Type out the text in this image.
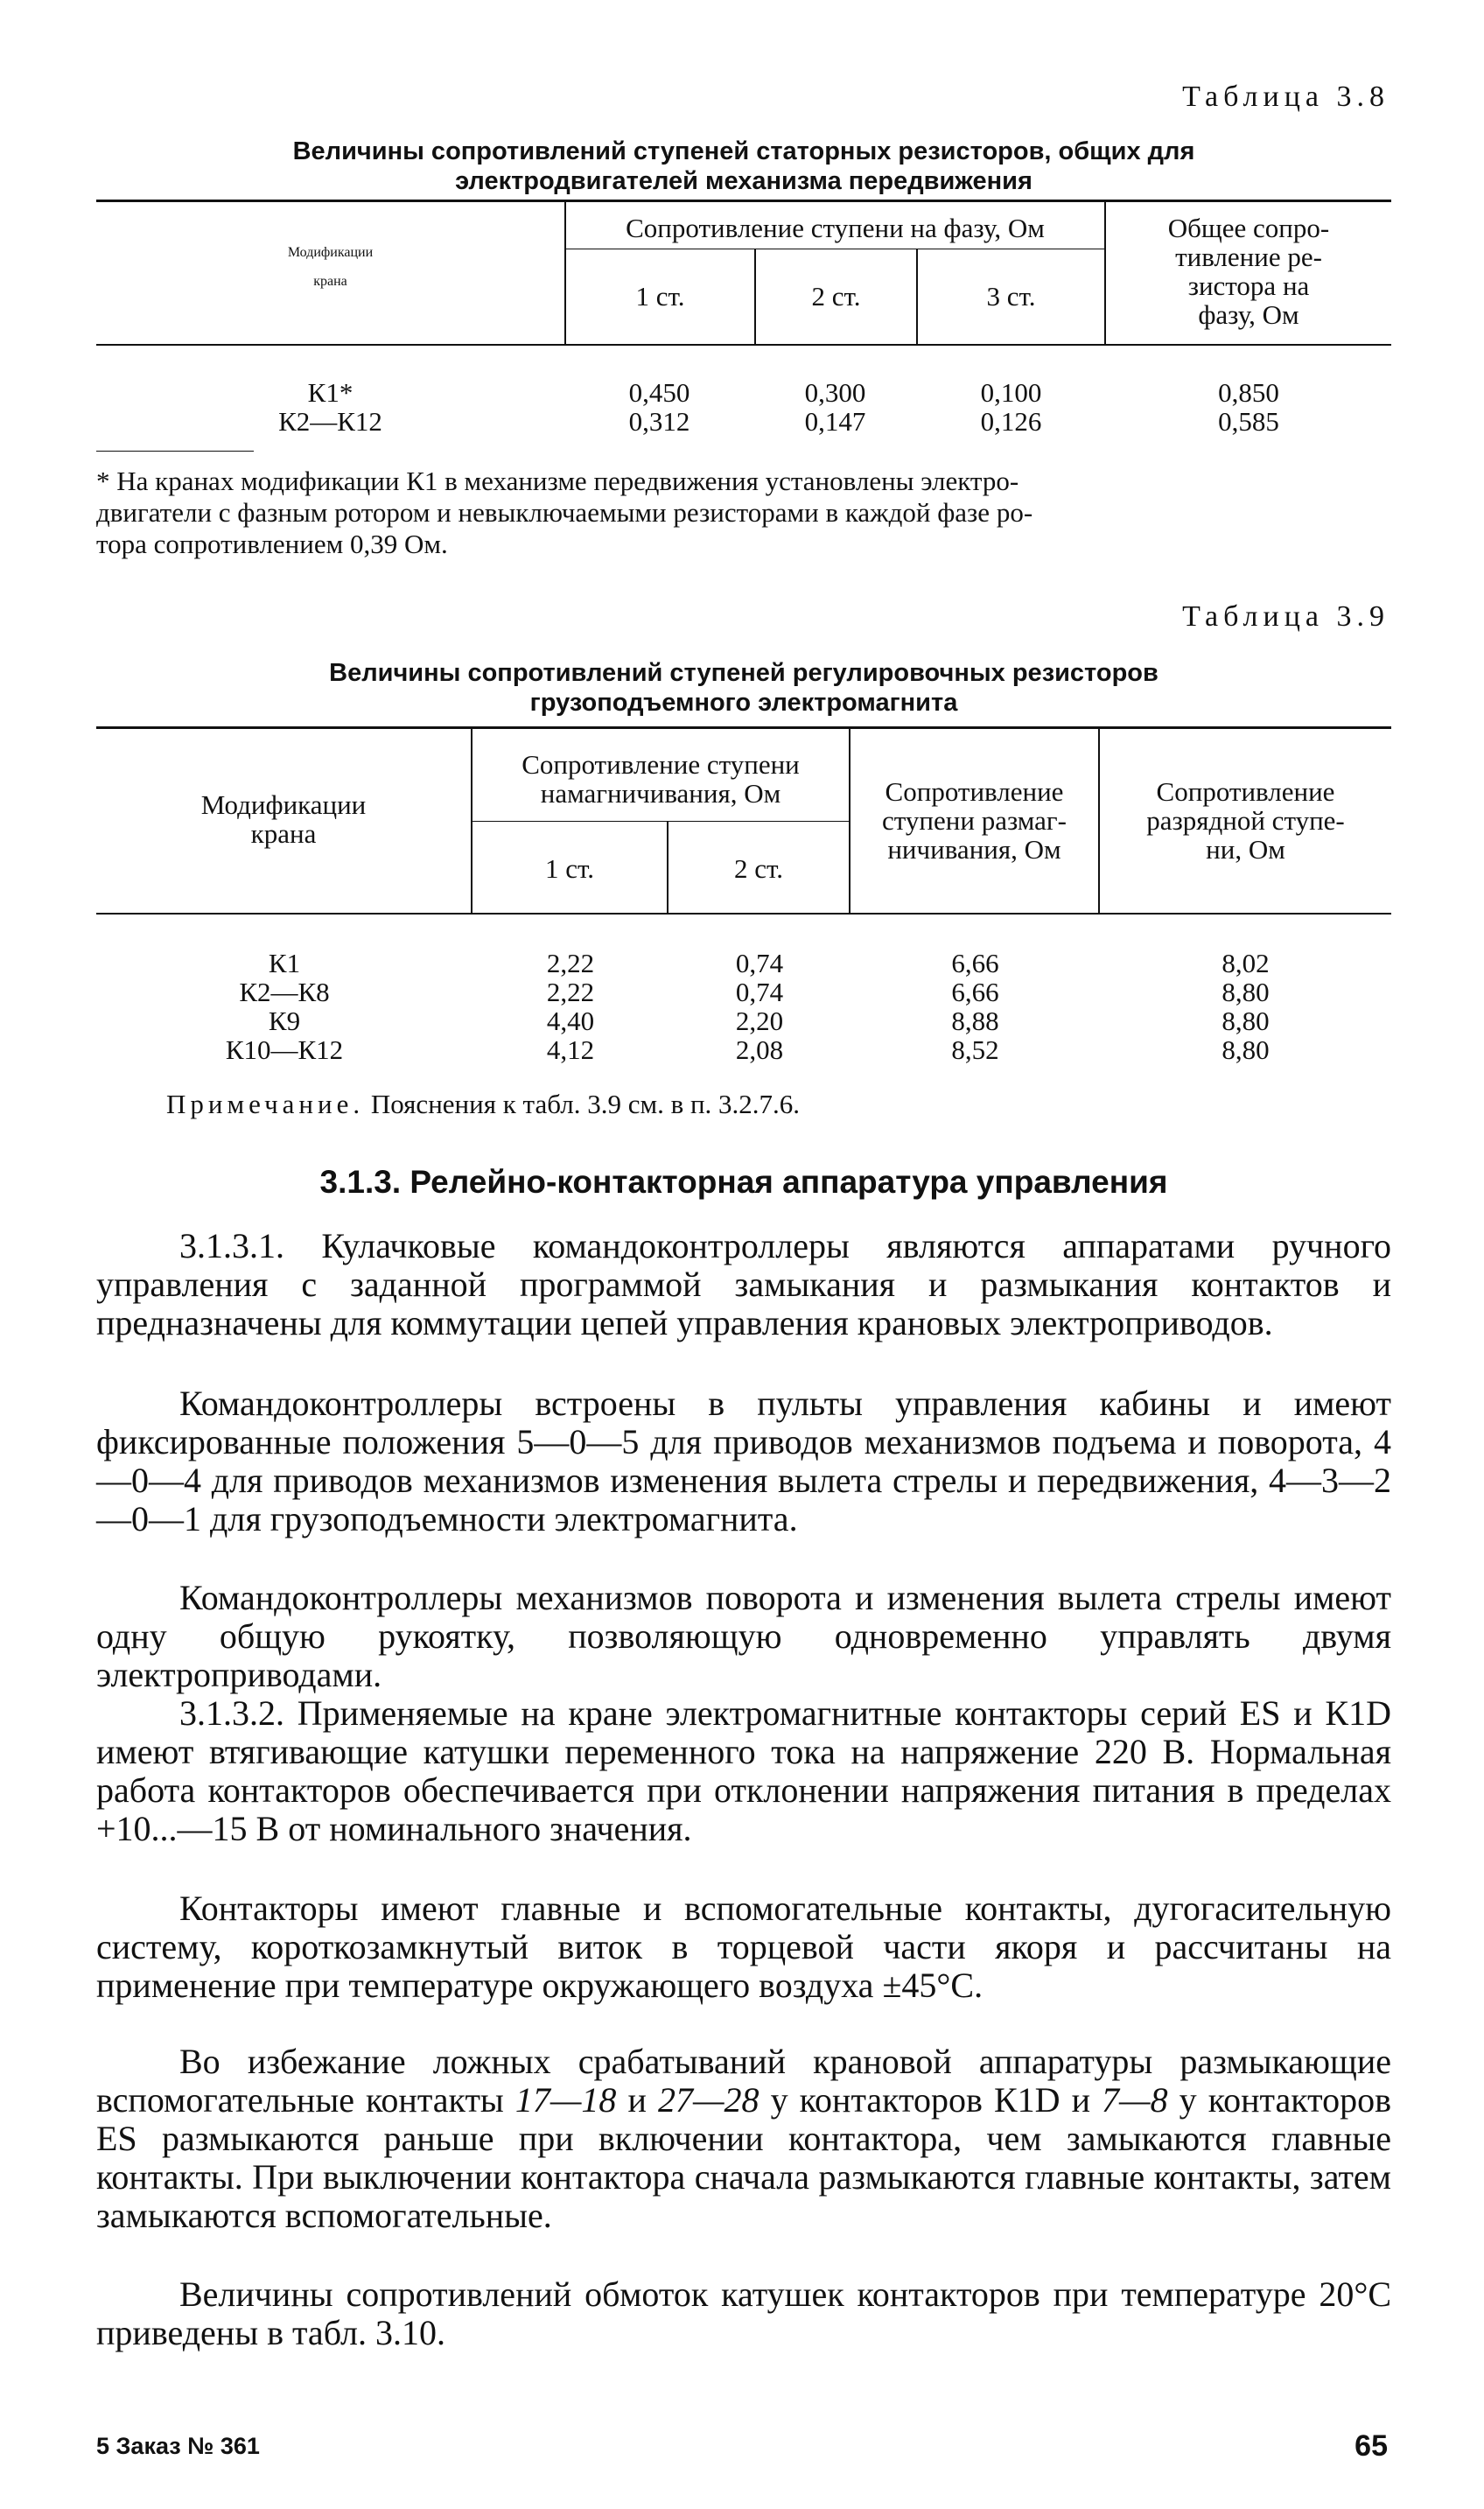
Таблица 3.8
Величины сопротивлений ступеней статорных резисторов, общих для
электродвигателей механизма передвижения
Модификации
крана
Сопротивление ступени на фазу, Ом
1 ст.	2 ст.	3 ст.
Общее сопро-
тивление ре-
зистора на
фазу, Ом
К1*	0,450	0,300	0,100	0,850
К2—К12	0,312	0,147	0,126	0,585
* На кранах модификации К1 в механизме передвижения установлены электро-
двигатели с фазным ротором и невыключаемыми резисторами в каждой фазе ро-
тора сопротивлением 0,39 Ом.
Таблица 3.9
Величины сопротивлений ступеней регулировочных резисторов
грузоподъемного электромагнита
Модификации
крана
Сопротивление ступени
намагничивания, Ом
1 ст.	2 ст.
Сопротивление
ступени размаг-
ничивания, Ом
Сопротивление
разрядной ступе-
ни, Ом
К1	2,22	0,74	6,66	8,02
К2—К8	2,22	0,74	6,66	8,80
К9	4,40	2,20	8,88	8,80
К10—К12	4,12	2,08	8,52	8,80
Примечание. Пояснения к табл. 3.9 см. в п. 3.2.7.6.
3.1.3. Релейно-контакторная аппаратура управления

3.1.3.1. Кулачковые командоконтроллеры являются аппаратами ручного управления с заданной программой замыкания и размыкания контактов и предназначены для коммутации цепей управления крановых электроприводов.

Командоконтроллеры встроены в пульты управления кабины и имеют фиксированные положения 5—0—5 для приводов механизмов подъема и поворота, 4—0—4 для приводов механизмов изменения вылета стрелы и передвижения, 4—3—2—0—1 для грузоподъемности электромагнита.

Командоконтроллеры механизмов поворота и изменения вылета стрелы имеют одну общую рукоятку, позволяющую одновременно управлять двумя электроприводами.

3.1.3.2. Применяемые на кране электромагнитные контакторы серий ES и К1D имеют втягивающие катушки переменного тока на напряжение 220 В. Нормальная работа контакторов обеспечивается при отклонении напряжения питания в пределах +10...—15 В от номинального значения.

Контакторы имеют главные и вспомогательные контакты, дугогасительную систему, короткозамкнутый виток в торцевой части якоря и рассчитаны на применение при температуре окружающего воздуха ±45°С.

Во избежание ложных срабатываний крановой аппаратуры размыкающие вспомогательные контакты 17—18 и 27—28 у контакторов К1D и 7—8 у контакторов ES размыкаются раньше при включении контактора, чем замыкаются главные контакты. При выключении контактора сначала размыкаются главные контакты, затем замыкаются вспомогательные.

Величины сопротивлений обмоток катушек контакторов при температуре 20°С приведены в табл. 3.10.

5 Заказ № 361	65
